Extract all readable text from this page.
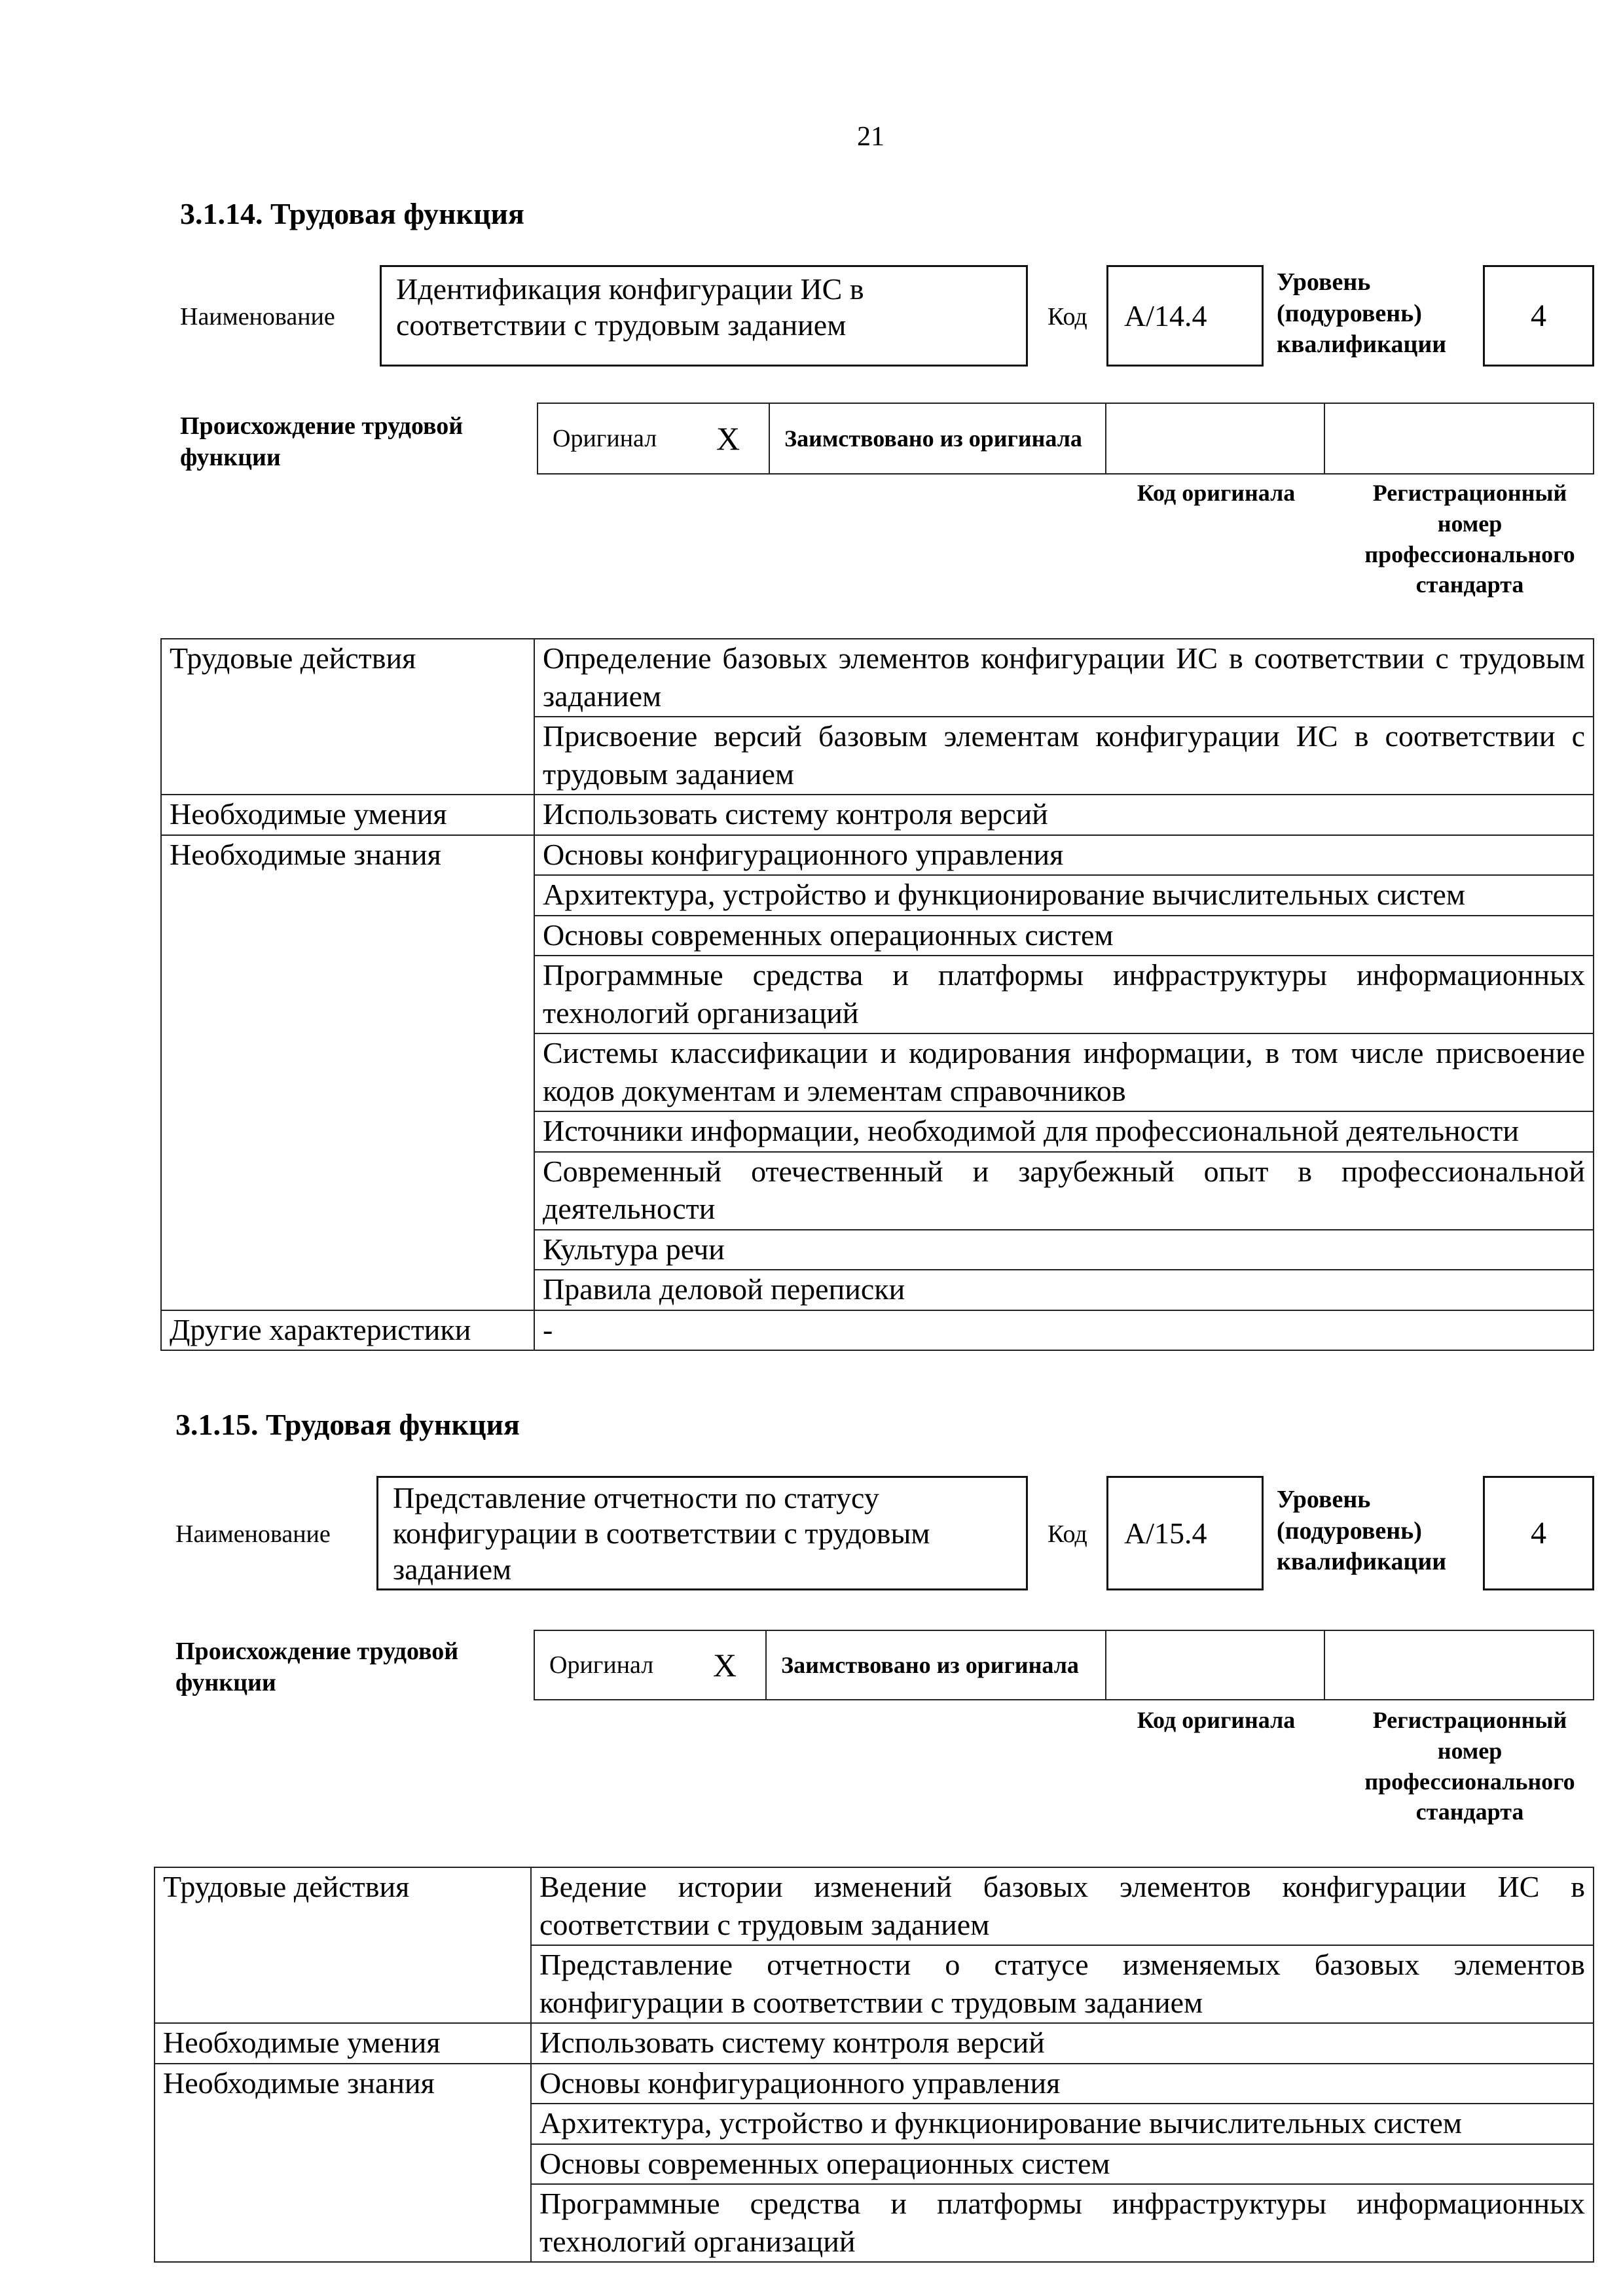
21
3.1.14. Трудовая функция
Наименование
Идентификация конфигурации ИС в соответствии с трудовым заданием	Код	A/14.4
Уровень (подуровень) квалификации
4
Происхождение трудовой функции
Оригинал X	Заимствовано из оригинала
Код оригинала	Регистрационный номер профессионального стандарта
Трудовые действия	Определение базовых элементов конфигурации ИС в соответствии с трудовым заданием
	Присвоение версий базовым элементам конфигурации ИС в соответствии с трудовым заданием
Необходимые умения	Использовать систему контроля версий
Необходимые знания	Основы конфигурационного управления
	Архитектура, устройство и функционирование вычислительных систем
	Основы современных операционных систем
	Программные средства и платформы инфраструктуры информационных технологий организаций
	Системы классификации и кодирования информации, в том числе присвоение кодов документам и элементам справочников
	Источники информации, необходимой для профессиональной деятельности
	Современный отечественный и зарубежный опыт в профессиональной деятельности
	Культура речи
	Правила деловой переписки
Другие характеристики	-
3.1.15. Трудовая функция
Наименование
Представление отчетности по статусу конфигурации в соответствии с трудовым заданием
Код	A/15.4
Уровень (подуровень) квалификации
4
Происхождение трудовой функции
Оригинал X	Заимствовано из оригинала
Код оригинала	Регистрационный номер профессионального стандарта
Трудовые действия	Ведение истории изменений базовых элементов конфигурации ИС в соответствии с трудовым заданием
	Представление отчетности о статусе изменяемых базовых элементов конфигурации в соответствии с трудовым заданием
Необходимые умения	Использовать систему контроля версий
Необходимые знания	Основы конфигурационного управления
	Архитектура, устройство и функционирование вычислительных систем
	Основы современных операционных систем
	Программные средства и платформы инфраструктуры информационных технологий организаций
